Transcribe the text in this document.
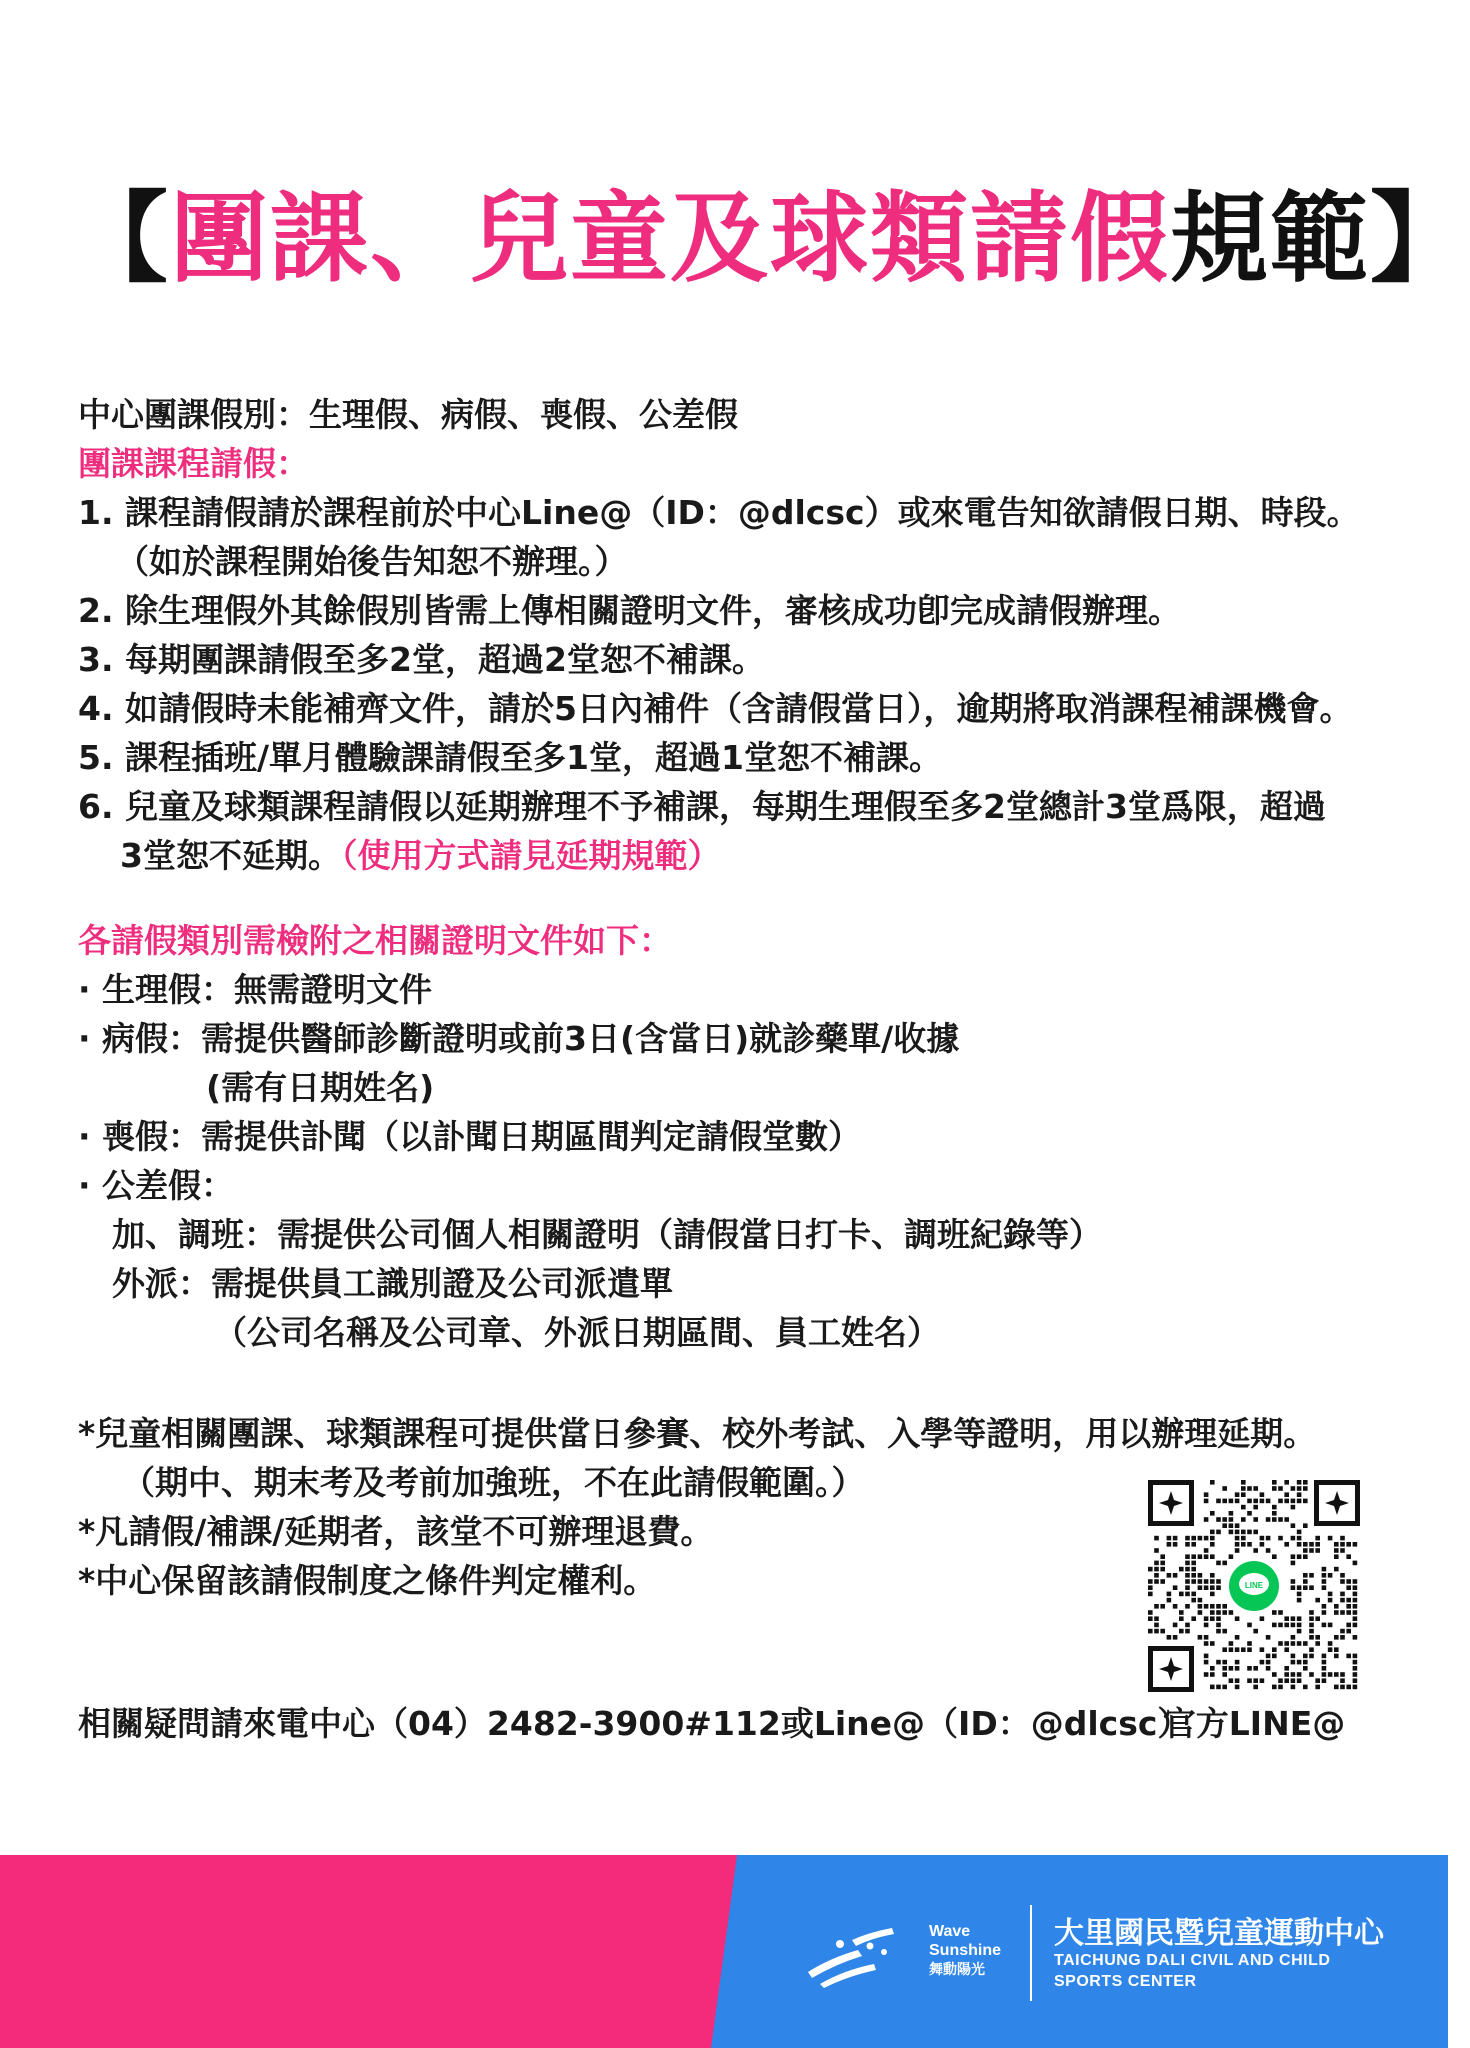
【團課、兒童及球類請假規範】
中心團課假別：生理假、病假、喪假、公差假
團課課程請假：
1. 課程請假請於課程前於中心Line@（ID：@dlcsc）或來電告知欲請假日期、時段。
（如於課程開始後告知恕不辦理。）
2. 除生理假外其餘假別皆需上傳相關證明文件，審核成功卽完成請假辦理。
3. 每期團課請假至多2堂，超過2堂恕不補課。
4. 如請假時未能補齊文件，請於5日內補件（含請假當日），逾期將取消課程補課機會。
5. 課程插班/單月體驗課請假至多1堂，超過1堂恕不補課。
6. 兒童及球類課程請假以延期辦理不予補課，每期生理假至多2堂總計3堂爲限，超過
3堂恕不延期。（使用方式請見延期規範）
各請假類別需檢附之相關證明文件如下：
· 生理假：無需證明文件
· 病假：需提供醫師診斷證明或前3日(含當日)就診藥單/收據
(需有日期姓名)
· 喪假：需提供訃聞（以訃聞日期區間判定請假堂數）
· 公差假：
加、調班：需提供公司個人相關證明（請假當日打卡、調班紀錄等）
外派：需提供員工識別證及公司派遣單
（公司名稱及公司章、外派日期區間、員工姓名）
*兒童相關團課、球類課程可提供當日參賽、校外考試、入學等證明，用以辦理延期。
（期中、期末考及考前加強班，不在此請假範圍。）
*凡請假/補課/延期者，該堂不可辦理退費。
*中心保留該請假制度之條件判定權利。
相關疑問請來電中心（04）2482-3900#112或Line@（ID：@dlcsc）
LINE
官方LINE@
Wave
Sunshine
舞動陽光
大里國民暨兒童運動中心
TAICHUNG DALI CIVIL AND CHILD
SPORTS CENTER
